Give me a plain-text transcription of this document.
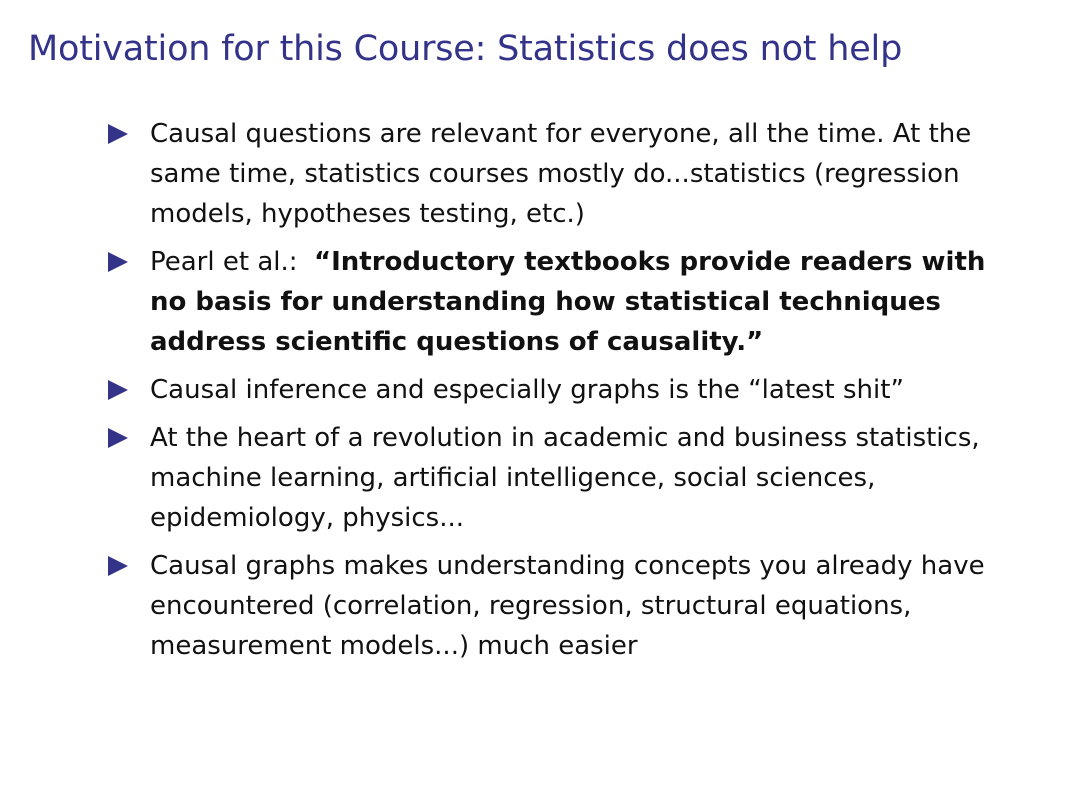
Motivation for this Course: Statistics does not help
Causal questions are relevant for everyone, all the time. At the same time, statistics courses mostly do...statistics (regression models, hypotheses testing, etc.)
Pearl et al.:  “Introductory textbooks provide readers with no basis for understanding how statistical techniques address scientific questions of causality.”
Causal inference and especially graphs is the “latest shit”
At the heart of a revolution in academic and business statistics, machine learning, artificial intelligence, social sciences, epidemiology, physics...
Causal graphs makes understanding concepts you already have encountered (correlation, regression, structural equations, measurement models...) much easier
